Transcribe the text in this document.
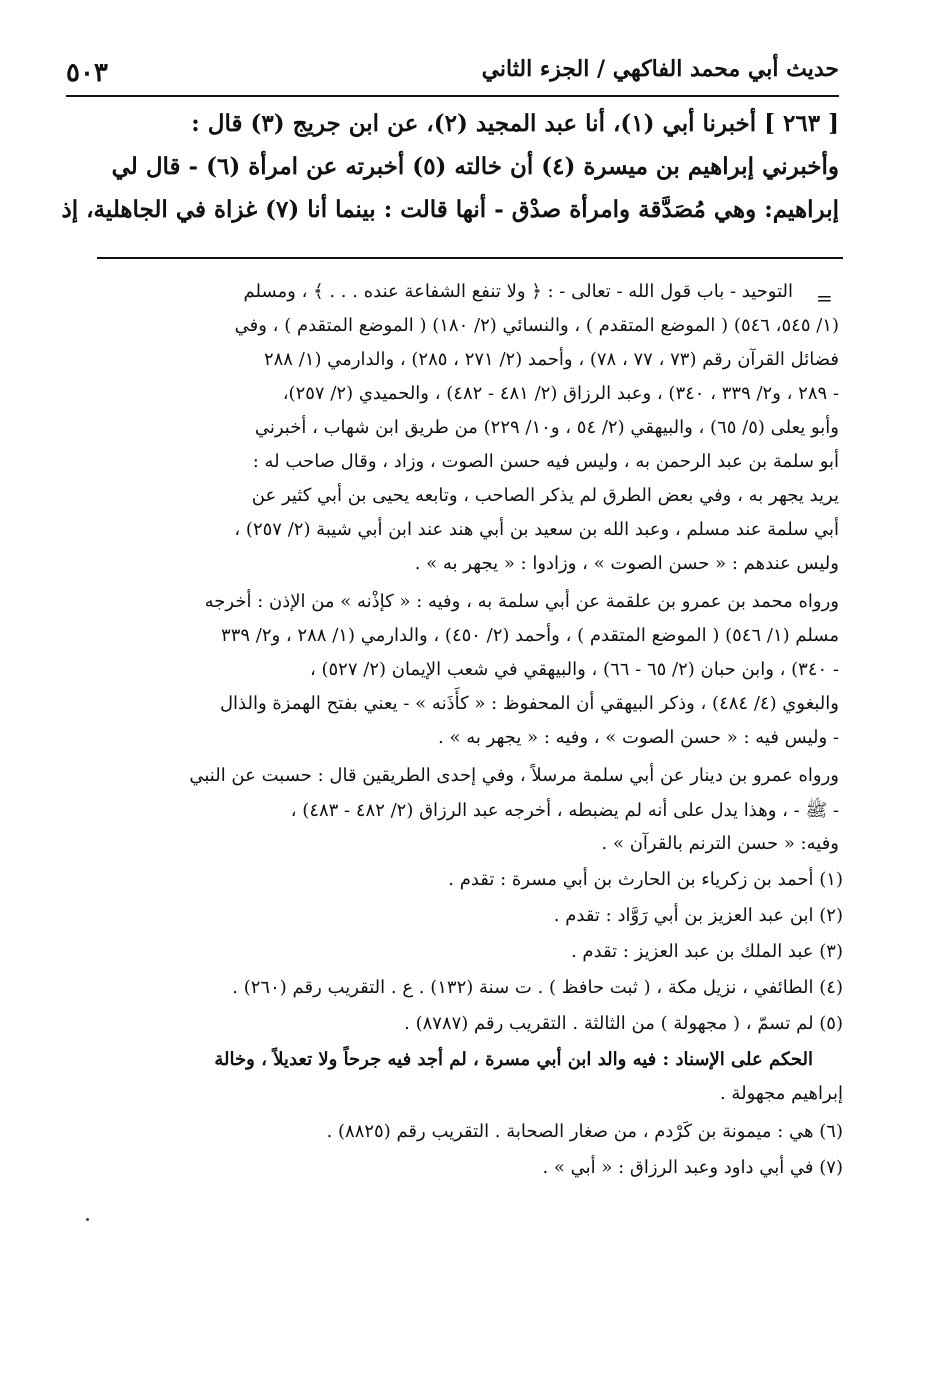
حديث أبي محمد الفاكهي / الجزء الثاني
٥٠٣
[ ٢٦٣ ] أخبرنا أبي (١)، أنا عبد المجيد (٢)، عن ابن جريج (٣) قال :
وأخبرني إبراهيم بن ميسرة (٤) أن خالته (٥) أخبرته عن امرأة (٦) - قال لي
إبراهيم: وهي مُصَدَّقة وامرأة صدْق - أنها قالت : بينما أنا (٧) غزاة في الجاهلية، إذ
=
التوحيد - باب قول الله - تعالى - : ﴿ ولا تنفع الشفاعة عنده . . . ﴾ ، ومسلم
(١/ ٥٤٥، ٥٤٦) ( الموضع المتقدم ) ، والنسائي (٢/ ١٨٠) ( الموضع المتقدم ) ، وفي
فضائل القرآن رقم (٧٣ ، ٧٧ ، ٧٨) ، وأحمد (٢/ ٢٧١ ، ٢٨٥) ، والدارمي (١/ ٢٨٨
- ٢٨٩ ، و٢/ ٣٣٩ ، ٣٤٠) ، وعبد الرزاق (٢/ ٤٨١ - ٤٨٢) ، والحميدي (٢/ ٢٥٧)،
وأبو يعلى (٥/ ٦٥) ، والبيهقي (٢/ ٥٤ ، و١٠/ ٢٢٩) من طريق ابن شهاب ، أخبرني
أبو سلمة بن عبد الرحمن به ، وليس فيه حسن الصوت ، وزاد ، وقال صاحب له :
يريد يجهر به ، وفي بعض الطرق لم يذكر الصاحب ، وتابعه يحيى بن أبي كثير عن
أبي سلمة عند مسلم ، وعبد الله بن سعيد بن أبي هند عند ابن أبي شيبة (٢/ ٢٥٧) ،
وليس عندهم : « حسن الصوت » ، وزادوا : « يجهر به » .
ورواه محمد بن عمرو بن علقمة عن أبي سلمة به ، وفيه : « كإذْنه » من الإذن : أخرجه
مسلم (١/ ٥٤٦) ( الموضع المتقدم ) ، وأحمد (٢/ ٤٥٠) ، والدارمي (١/ ٢٨٨ ، و٢/ ٣٣٩
- ٣٤٠) ، وابن حبان (٢/ ٦٥ - ٦٦) ، والبيهقي في شعب الإيمان (٢/ ٥٢٧) ،
والبغوي (٤/ ٤٨٤) ، وذكر البيهقي أن المحفوظ : « كأَذَنه » - يعني بفتح الهمزة والذال
- وليس فيه : « حسن الصوت » ، وفيه : « يجهر به » .
ورواه عمرو بن دينار عن أبي سلمة مرسلاً ، وفي إحدى الطريقين قال : حسبت عن النبي
- ﷺ - ، وهذا يدل على أنه لم يضبطه ، أخرجه عبد الرزاق (٢/ ٤٨٢ - ٤٨٣) ،
وفيه: « حسن الترنم بالقرآن » .
(١) أحمد بن زكرياء بن الحارث بن أبي مسرة : تقدم .
(٢) ابن عبد العزيز بن أبي رَوَّاد : تقدم .
(٣) عبد الملك بن عبد العزيز : تقدم .
(٤) الطائفي ، نزيل مكة ، ( ثبت حافظ ) . ت سنة (١٣٢) . ع . التقريب رقم (٢٦٠) .
(٥) لم تسمّ ، ( مجهولة ) من الثالثة . التقريب رقم (٨٧٨٧) .
الحكم على الإسناد : فيه والد ابن أبي مسرة ، لم أجد فيه جرحاً ولا تعديلاً ، وخالة
إبراهيم مجهولة .
(٦) هي : ميمونة بن كَرْدم ، من صغار الصحابة . التقريب رقم (٨٨٢٥) .
(٧) في أبي داود وعبد الرزاق : « أبي » .
